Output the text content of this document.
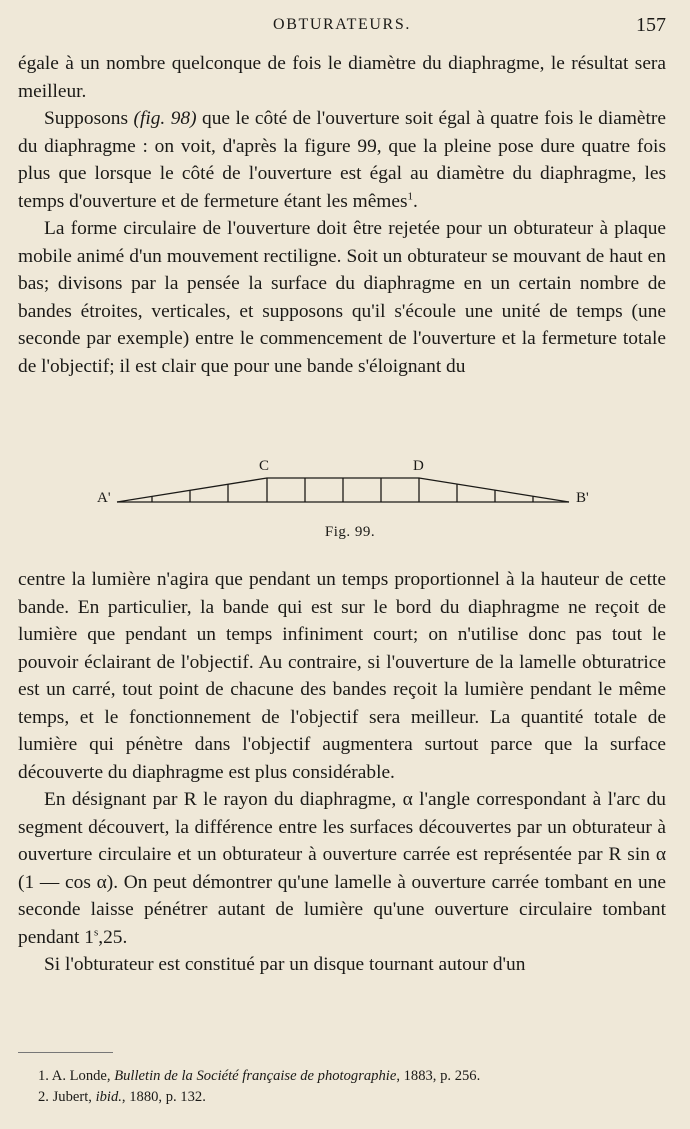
OBTURATEURS.	157

égale à un nombre quelconque de fois le diamètre du diaphragme, le résultat sera meilleur.

Supposons (fig. 98) que le côté de l'ouverture soit égal à quatre fois le diamètre du diaphragme : on voit, d'après la figure 99, que la pleine pose dure quatre fois plus que lorsque le côté de l'ouverture est égal au diamètre du diaphragme, les temps d'ouverture et de fermeture étant les mêmes$^1$.

La forme circulaire de l'ouverture doit être rejetée pour un obturateur à plaque mobile animé d'un mouvement rectiligne. Soit un obturateur se mouvant de haut en bas; divisons par la pensée la surface du diaphragme en un certain nombre de bandes étroites, verticales, et supposons qu'il s'écoule une unité de temps (une seconde par exemple) entre le commencement de l'ouverture et la fermeture totale de l'objectif; il est clair que pour une bande s'éloignant du

A'
C	D
B'
Fig. 99.

centre la lumière n'agira que pendant un temps proportionnel à la hauteur de cette bande. En particulier, la bande qui est sur le bord du diaphragme ne reçoit de lumière que pendant un temps infiniment court; on n'utilise donc pas tout le pouvoir éclairant de l'objectif. Au contraire, si l'ouverture de la lamelle obturatrice est un carré, tout point de chacune des bandes reçoit la lumière pendant le même temps, et le fonctionnement de l'objectif sera meilleur. La quantité totale de lumière qui pénètre dans l'objectif augmentera surtout parce que la surface découverte du diaphragme est plus considérable.

En désignant par R le rayon du diaphragme, α l'angle correspondant à l'arc du segment découvert, la différence entre les surfaces découvertes par un obturateur à ouverture circulaire et un obturateur à ouverture carrée est représentée par R sin α (1 — cos α). On peut démontrer qu'une lamelle à ouverture carrée tombant en une seconde laisse pénétrer autant de lumière qu'une ouverture circulaire tombant pendant 1$^s$,25.

Si l'obturateur est constitué par un disque tournant autour d'un

1. A. Londe, Bulletin de la Société française de photographie, 1883, p. 256.

2. Jubert, ibid., 1880, p. 132.
